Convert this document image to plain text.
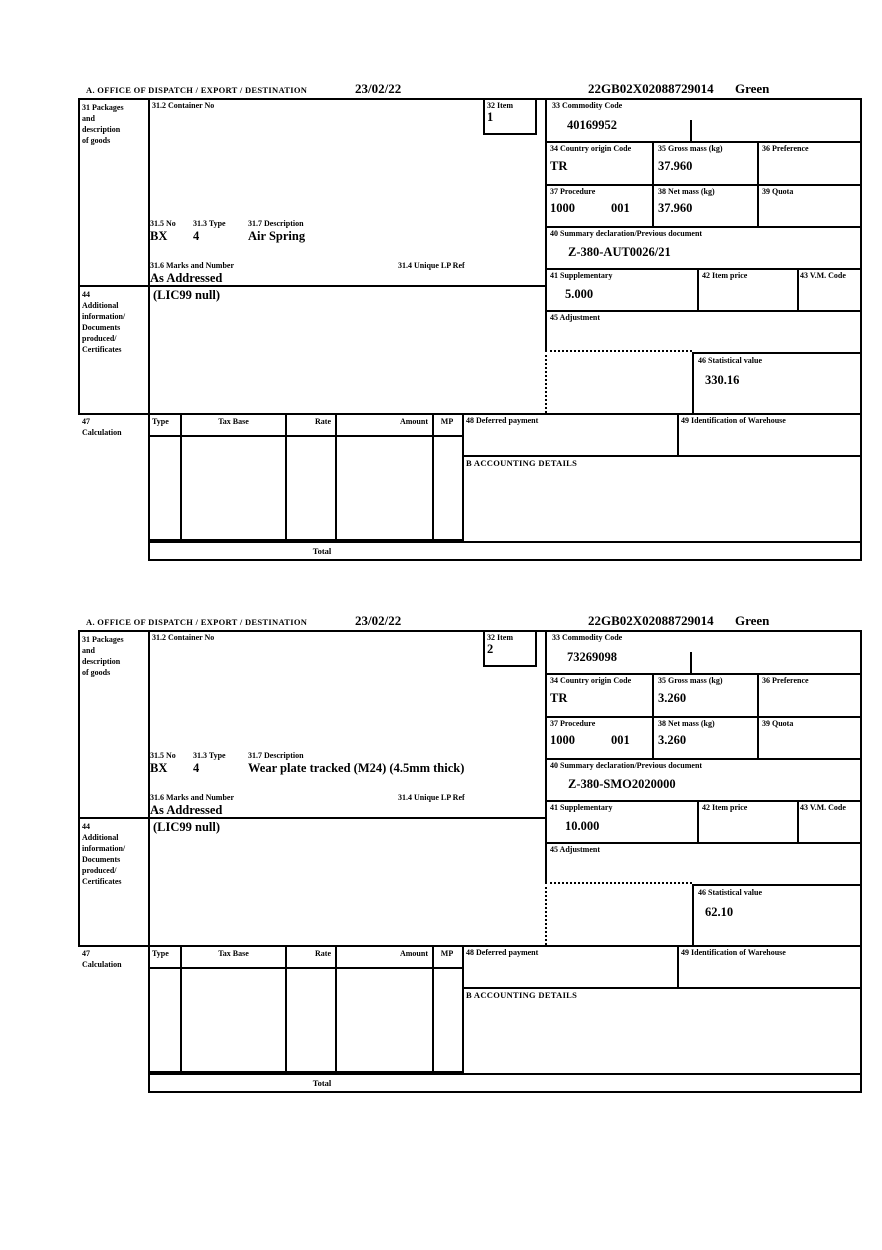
A. OFFICE OF DISPATCH / EXPORT / DESTINATION	23/02/22	22GB02X02088729014 Green
31 Packages
and
description
of goods
31.2 Container No	32 Item
1
33 Commodity Code
40169952
34 Country origin Code
TR
35 Gross mass (kg)
37.960
36 Preference
37 Procedure
1000	001
38 Net mass (kg)
37.960
39 Quota
31.5 No 31.3 Type	31.7 Description
BX 4	Air Spring
31.6 Marks and Number	31.4 Unique LP Ref
As Addressed
40 Summary declaration/Previous document
Z-380-AUT0026/21
41 Supplementary
5.000
42 Item price	43 V.M. Code
44
Additional
information/
Documents
produced/
Certificates
(LIC99 null)
45 Adjustment
46 Statistical value
330.16
47
Calculation
Type	Tax Base	Rate	Amount	MP	48 Deferred payment	49 Identification of Warehouse
B ACCOUNTING DETAILS
Total
A. OFFICE OF DISPATCH / EXPORT / DESTINATION	23/02/22	22GB02X02088729014 Green
31 Packages
and
description
of goods
31.2 Container No	32 Item
2
33 Commodity Code
73269098
34 Country origin Code
TR
35 Gross mass (kg)
3.260
36 Preference
37 Procedure
1000	001
38 Net mass (kg)
3.260
39 Quota
31.5 No 31.3 Type	31.7 Description
BX 4	Wear plate tracked (M24) (4.5mm thick)
31.6 Marks and Number	31.4 Unique LP Ref
As Addressed
40 Summary declaration/Previous document
Z-380-SMO2020000
41 Supplementary
10.000
42 Item price	43 V.M. Code
44
Additional
information/
Documents
produced/
Certificates
(LIC99 null)
45 Adjustment
46 Statistical value
62.10
47
Calculation
Type	Tax Base	Rate	Amount	MP	48 Deferred payment	49 Identification of Warehouse
B ACCOUNTING DETAILS
Total
